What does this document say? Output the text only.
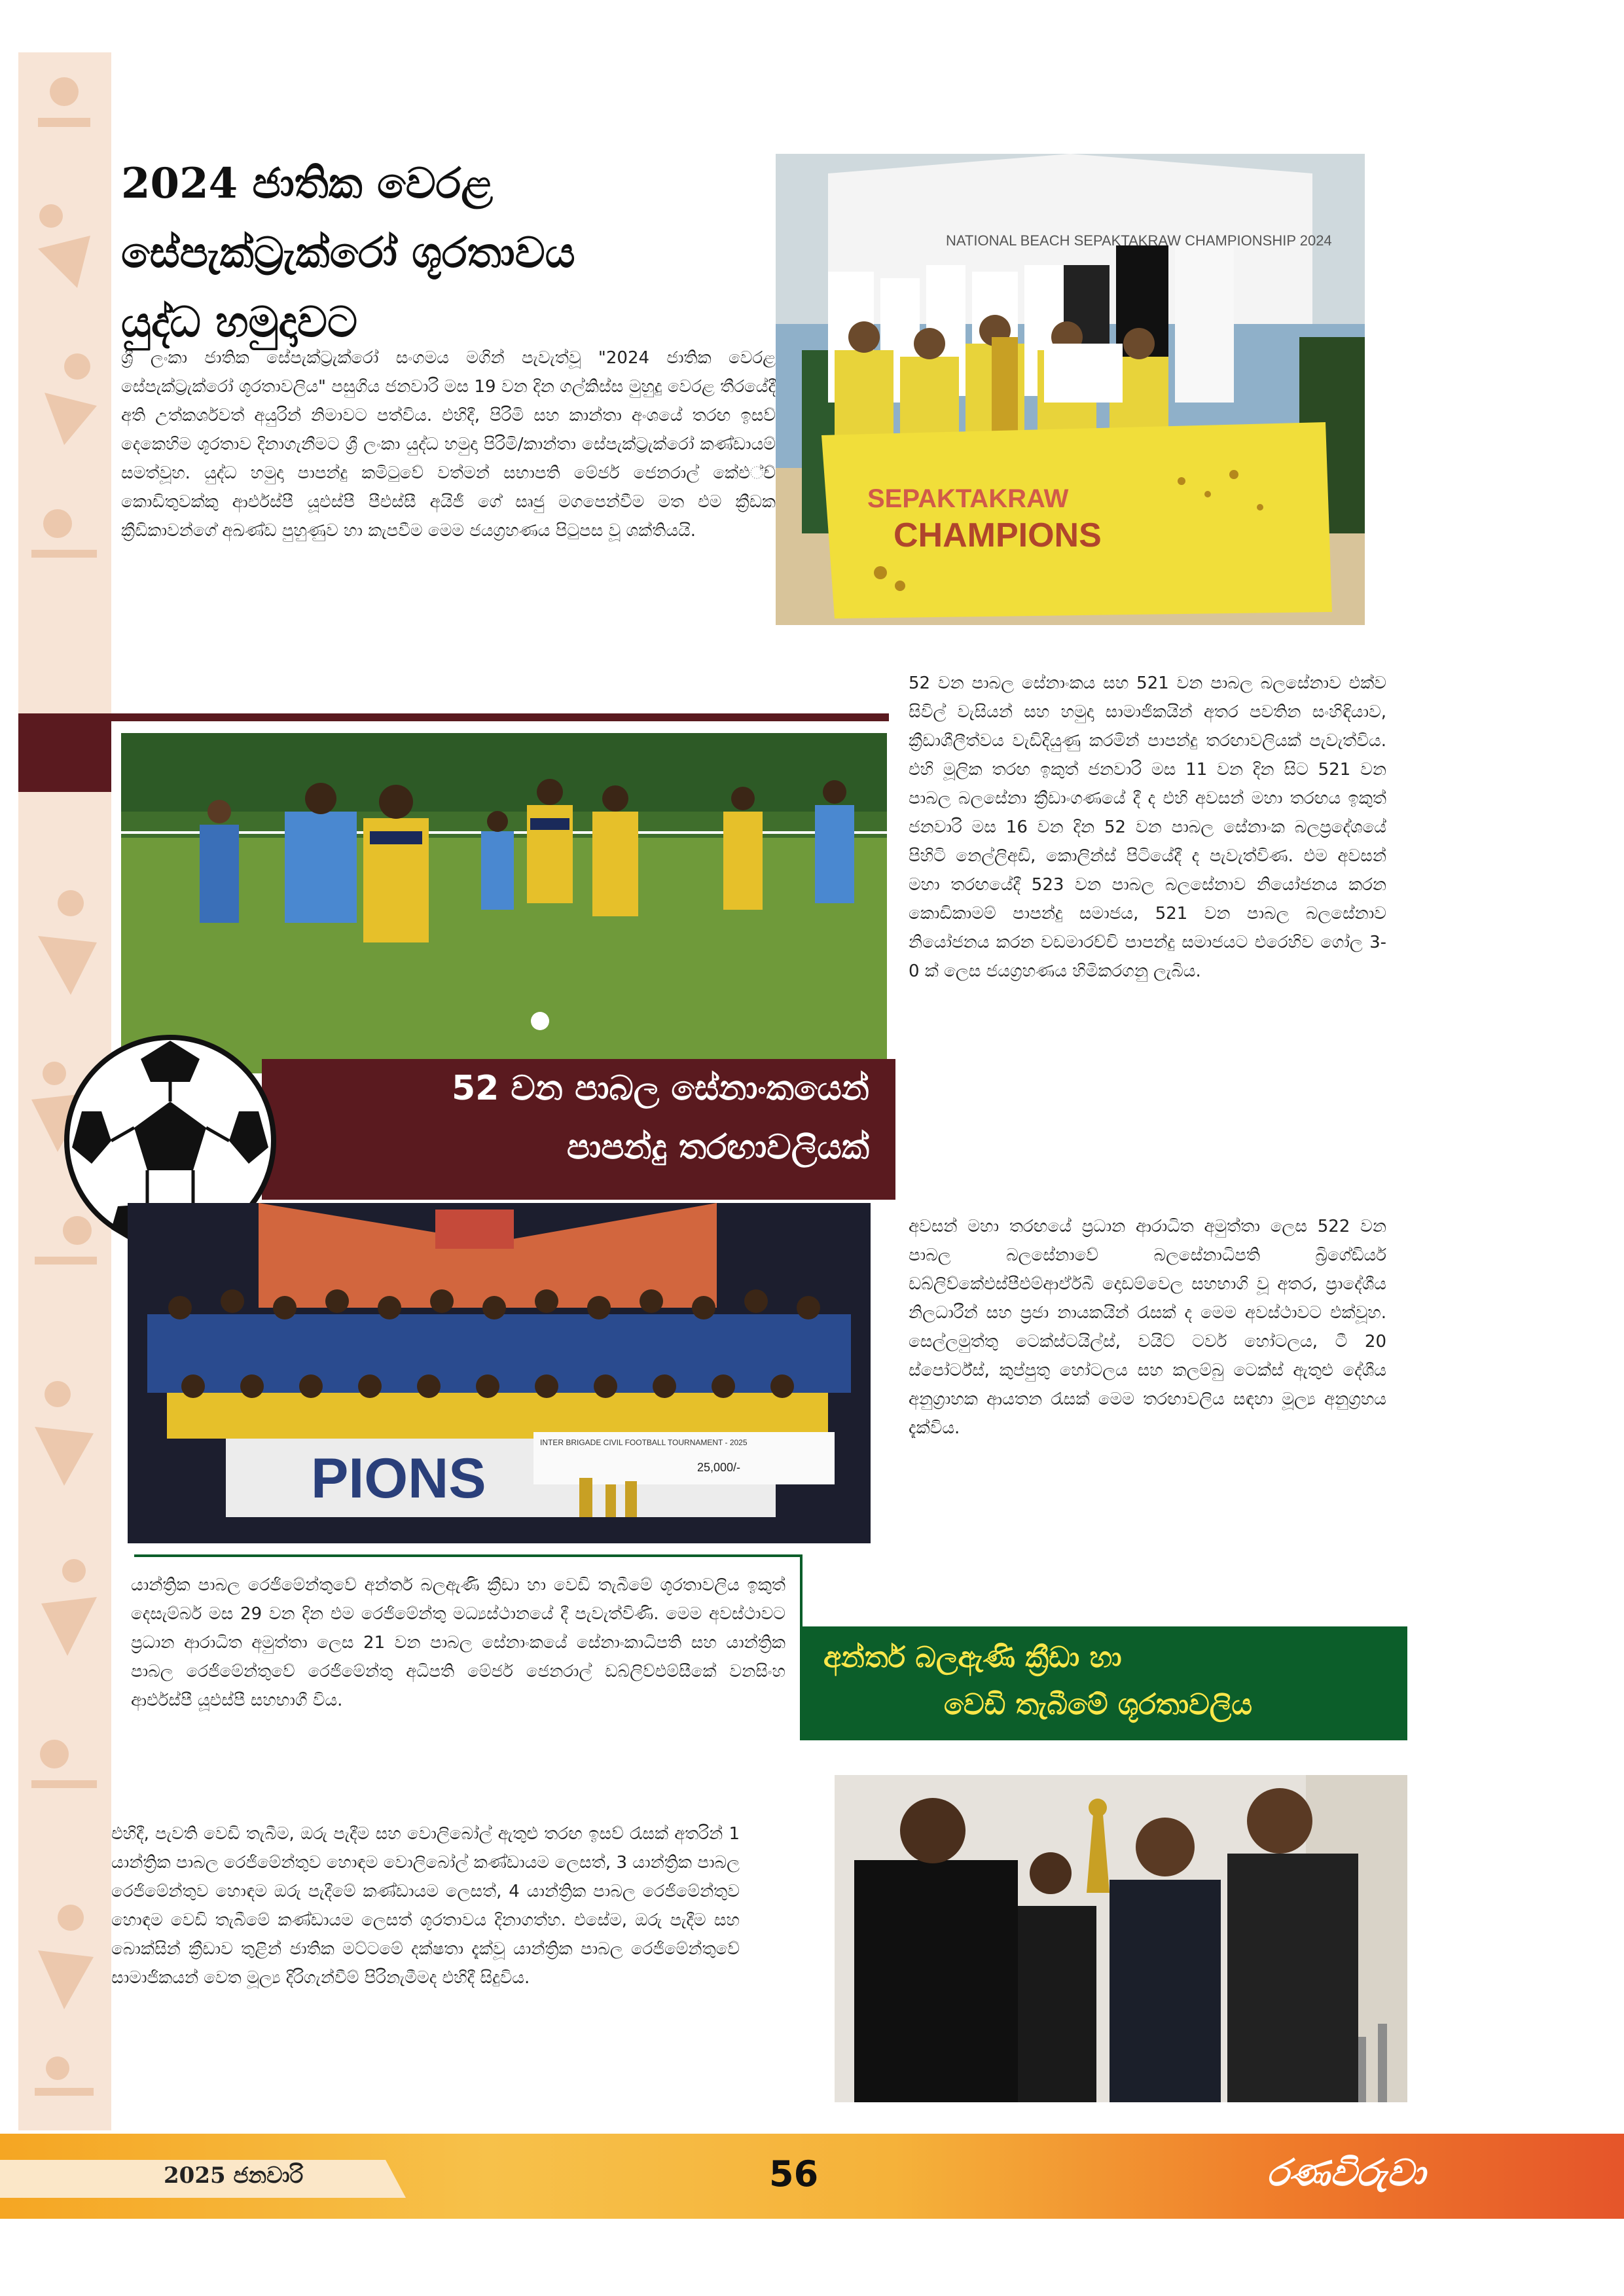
2024 ජාතික වෙරළ
සේපැක්ට්‍රැක්රෝ ශූරතාවය
යුද්ධ හමුදාවට
ශ්‍රී ලංකා ජාතික සේපැක්ට්‍රැක්රෝ සංගමය මගින් පැවැත්වූ "2024 ජාතික වෙරළ සේපැක්ට්‍රැක්රෝ ශූරතාවලිය" පසුගිය ජනවාරි මස 19 වන දින ගල්කිස්ස මුහුදු වෙරළ තීරයේදී අති උත්කර්ශවත් අයුරින් නිමාවට පත්විය. එහිදී, පිරිමි සහ කාන්තා අංශයේ තරඟ ඉසව් දෙකෙහිම ශූරතාව දිනාගැනීමට ශ්‍රී ලංකා යුද්ධ හමුදා පිරිමි/කාන්තා සේපැක්ට්‍රැක්රෝ කණ්ඩායම් සමත්වූහ. යුද්ධ හමුදා පාපන්දු කමිටුවේ වත්මන් සභාපති මේජර් ජෙනරාල් කේඑ්ච් කොඩිතුවක්කු ආර්එස්පී යූඑස්පී පීඑස්සී අයිජී ගේ සෘජු මගපෙන්වීම මත එම ක්‍රීඩක ක්‍රීඩිකාවන්ගේ අඛණ්ඩ පුහුණුව හා කැපවීම මෙම ජයග්‍රහණය පිටුපස වූ ශක්තියයි.
SEPAKTAKRAW
CHAMPIONS
NATIONAL BEACH SEPAKTAKRAW CHAMPIONSHIP 2024
52 වන පාබල සේනාංකයෙන්
පාපන්දු තරඟාවලියක්
52 වන පාබල සේනාංකය සහ 521 වන පාබල බලසේනාව එක්ව සිවිල් වැසියන් සහ හමුදා සාමාජිකයින් අතර පවතින සංහිඳියාව, ක්‍රීඩාශීලීත්වය වැඩිදියුණු කරමින් පාපන්දු තරඟාවලියක් පැවැත්විය. එහි මූලික තරඟ ඉකුත් ජනවාරි මස 11 වන දින සිට 521 වන පාබල බලසේනා ක්‍රීඩාංගණයේ දී ද එහි අවසන් මහා තරඟය ඉකුත් ජනවාරි මස 16 වන දින 52 වන පාබල සේනාංක බලප්‍රදේශයේ පිහිටි නෙල්ලිඅඩි, කොලින්ස් පිටියේදී ද පැවැත්විණ. එම අවසන් මහා තරඟයේදී 523 වන පාබල බලසේනාව නියෝජනය කරන කොඩිකාමම් පාපන්දු සමාජය, 521 වන පාබල බලසේනාව නියෝජනය කරන වඩමාරච්චි පාපන්දු සමාජයට එරෙහිව ගෝල 3-0 ක් ලෙස ජයග්‍රහණය හිමිකරගනු ලැබිය.
අවසන් මහා තරඟයේ ප්‍රධාන ආරාධිත අමුත්තා ලෙස 522 වන පාබල බලසේනාවේ බලසේනාධිපති බ්‍රිගේඩියර් ඩබ්ලිව්කේඑස්පීඑම්ආර්ඒබී දොඩම්වෙල සහභාගි වූ අතර, ප්‍රාදේශීය නිලධාරීන් සහ ප්‍රජා නායකයින් රැසක් ද මෙම අවස්ථාවට එක්වූහ. සෙල්ලමුත්තු ටෙක්ස්ටයිල්ස්, වයිට් ටවර් හෝටලය, ටී 20 ස්පෝර්ට්ස්, කුප්පුතු හෝටලය සහ කලම්බු ටෙක්ස් ඇතුළු දේශීය අනුග්‍රාහක ආයතන රැසක් මෙම තරඟාවලිය සඳහා මූල්‍ය අනුග්‍රහය දැක්විය.
PIONS	25,000/-
INTER BRIGADE CIVIL FOOTBALL TOURNAMENT - 2025
යාන්ත්‍රික පාබල රෙජිමේන්තුවේ අන්තර් බලඇණි ක්‍රීඩා හා වෙඩි තැබීමේ ශූරතාවලිය ඉකුත් දෙසැම්බර් මස 29 වන දින එම රෙජිමේන්තු මධ්‍යස්ථානයේ දී පැවැත්විණි. මෙම අවස්ථාවට ප්‍රධාන ආරාධිත අමුත්තා ලෙස 21 වන පාබල සේනාංකයේ සේනාංකාධිපති සහ යාන්ත්‍රික පාබල රෙජිමේන්තුවේ රෙජිමේන්තු අධිපති මේජර් ජෙනරාල් ඩබ්ලිව්එම්සීකේ වනසිංහ ආර්එස්පී යූඑස්පී සහභාගී විය.
එහිදී, පැවති වෙඩි තැබීම, ඔරු පැදීම සහ වොලිබෝල් ඇතුළු තරඟ ඉසව් රැසක් අතරින් 1 යාන්ත්‍රික පාබල රෙජිමේන්තුව හොඳම වොලිබෝල් කණ්ඩායම ලෙසත්, 3 යාන්ත්‍රික පාබල රෙජිමේන්තුව හොඳම ඔරු පැදීමේ කණ්ඩායම ලෙසත්, 4 යාන්ත්‍රික පාබල රෙජිමේන්තුව හොඳම වෙඩි තැබීමේ කණ්ඩායම ලෙසත් ශූරතාවය දිනාගත්හ. එසේම, ඔරු පැදීම සහ බොක්සින් ක්‍රීඩාව තුළින් ජාතික මට්ටමේ දක්ෂතා දැක්වූ යාන්ත්‍රික පාබල රෙජිමේන්තුවේ සාමාජිකයන් වෙත මූල්‍ය දිරිගැන්වීම් පිරිනැමීමද එහිදී සිදුවිය.
අන්තර් බලඇණි ක්‍රීඩා හා
වෙඩි තැබීමේ ශූරතාවලිය
2025 ජනවාරි	56	රණවිරුවා
